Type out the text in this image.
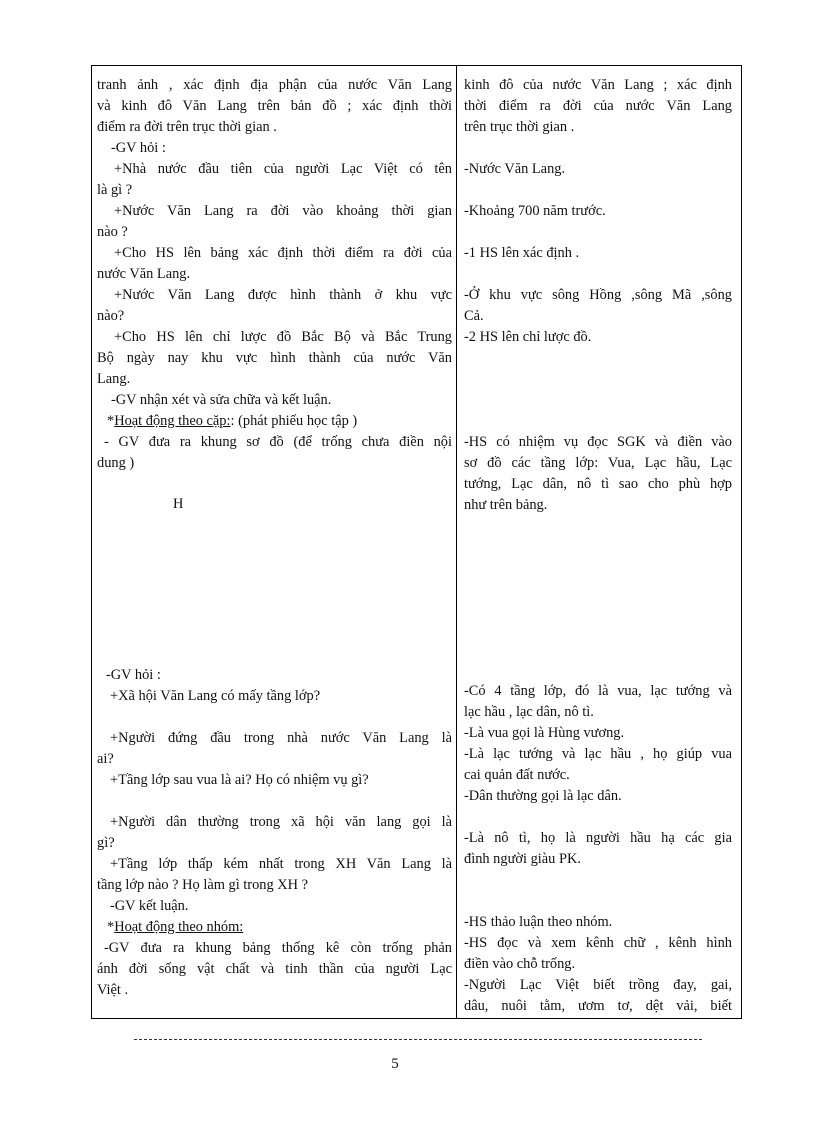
tranh ảnh , xác định địa phận của nước Văn Lang
và kinh đô Văn Lang trên bản đồ ; xác định thời
điểm ra đời trên trục thời gian .
-GV hỏi :
+Nhà nước đầu tiên của người Lạc Việt có tên
là gì ?
+Nước Văn Lang ra đời vào khoảng thời gian
nào ?
+Cho HS lên bảng xác định thời điểm ra đời của
nước Văn Lang.
+Nước Văn Lang được hình thành ở khu vực
nào?
+Cho HS lên chỉ lược đồ Bắc Bộ và Bắc Trung
Bộ ngày nay khu vực hình thành của nước Văn
Lang.
-GV nhận xét và sửa chữa và kết luận.
*Hoạt động theo cặp:: (phát phiếu học tập )
- GV đưa ra khung sơ đồ (để trống chưa điền nội
dung )
H
-GV hỏi :
+Xã hội Văn Lang có mấy tầng lớp?
+Người đứng đầu trong nhà nước Văn Lang là
ai?
+Tầng lớp sau vua là ai? Họ có nhiệm vụ gì?
+Người dân thường trong xã hội văn lang gọi là
gì?
+Tầng lớp thấp kém nhất trong XH Văn Lang là
tầng lớp nào ? Họ làm gì trong XH ?
-GV kết luận.
*Hoạt động theo nhóm:
-GV đưa ra khung bảng thống kê còn trống phản
ánh đời sống vật chất và tinh thần của người Lạc
Việt .
kinh đô của nước Văn Lang ; xác định
thời điểm ra đời của nước Văn Lang
trên trục thời gian .
-Nước Văn Lang.
-Khoảng 700 năm trước.
-1 HS lên xác định .
-Ở khu vực sông Hồng ,sông Mã ,sông
Cả.
-2 HS lên chỉ lược đồ.
-HS có nhiệm vụ đọc SGK và điền vào
sơ đồ các tầng lớp: Vua, Lạc hầu, Lạc
tướng, Lạc dân, nô tì sao cho phù hợp
như trên bảng.
-Có 4 tầng lớp, đó là vua, lạc tướng và
lạc hầu , lạc dân, nô tì.
-Là vua gọi là Hùng vương.
-Là lạc tướng và lạc hầu , họ giúp vua
cai quản đất nước.
-Dân thường gọi là lạc dân.
-Là nô tì, họ là người hầu hạ các gia
đình người giàu PK.
-HS thảo luận theo nhóm.
-HS đọc và xem kênh chữ , kênh hình
điền vào chỗ trống.
-Người Lạc Việt biết trồng đay, gai,
dâu, nuôi tằm, ươm tơ, dệt vải, biết
5
